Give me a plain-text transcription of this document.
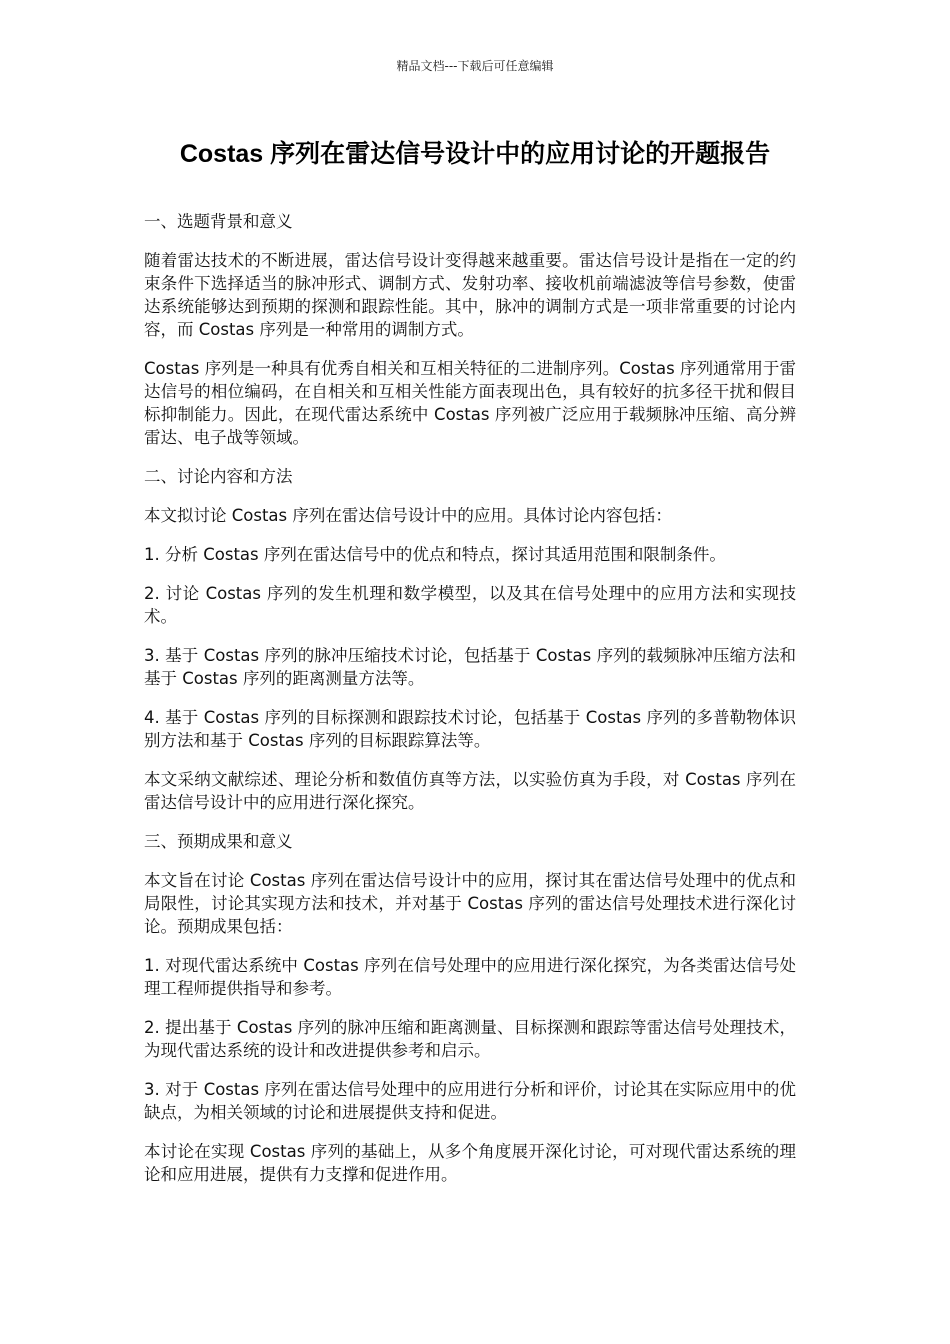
精品文档---下载后可任意编辑
Costas 序列在雷达信号设计中的应用讨论的开题报告

一、选题背景和意义

随着雷达技术的不断进展，雷达信号设计变得越来越重要。雷达信号设计是指在一定的约束条件下选择适当的脉冲形式、调制方式、发射功率、接收机前端滤波等信号参数，使雷达系统能够达到预期的探测和跟踪性能。其中，脉冲的调制方式是一项非常重要的讨论内容，而 Costas 序列是一种常用的调制方式。

Costas 序列是一种具有优秀自相关和互相关特征的二进制序列。Costas 序列通常用于雷达信号的相位编码，在自相关和互相关性能方面表现出色，具有较好的抗多径干扰和假目标抑制能力。因此，在现代雷达系统中 Costas 序列被广泛应用于载频脉冲压缩、高分辨雷达、电子战等领域。

二、讨论内容和方法

本文拟讨论 Costas 序列在雷达信号设计中的应用。具体讨论内容包括：

1. 分析 Costas 序列在雷达信号中的优点和特点，探讨其适用范围和限制条件。

2. 讨论 Costas 序列的发生机理和数学模型，以及其在信号处理中的应用方法和实现技术。

3. 基于 Costas 序列的脉冲压缩技术讨论，包括基于 Costas 序列的载频脉冲压缩方法和基于 Costas 序列的距离测量方法等。

4. 基于 Costas 序列的目标探测和跟踪技术讨论，包括基于 Costas 序列的多普勒物体识别方法和基于 Costas 序列的目标跟踪算法等。

本文采纳文献综述、理论分析和数值仿真等方法，以实验仿真为手段，对 Costas 序列在雷达信号设计中的应用进行深化探究。

三、预期成果和意义

本文旨在讨论 Costas 序列在雷达信号设计中的应用，探讨其在雷达信号处理中的优点和局限性，讨论其实现方法和技术，并对基于 Costas 序列的雷达信号处理技术进行深化讨论。预期成果包括：

1. 对现代雷达系统中 Costas 序列在信号处理中的应用进行深化探究，为各类雷达信号处理工程师提供指导和参考。

2. 提出基于 Costas 序列的脉冲压缩和距离测量、目标探测和跟踪等雷达信号处理技术，为现代雷达系统的设计和改进提供参考和启示。

3. 对于 Costas 序列在雷达信号处理中的应用进行分析和评价，讨论其在实际应用中的优缺点，为相关领域的讨论和进展提供支持和促进。

本讨论在实现 Costas 序列的基础上，从多个角度展开深化讨论，可对现代雷达系统的理论和应用进展，提供有力支撑和促进作用。
